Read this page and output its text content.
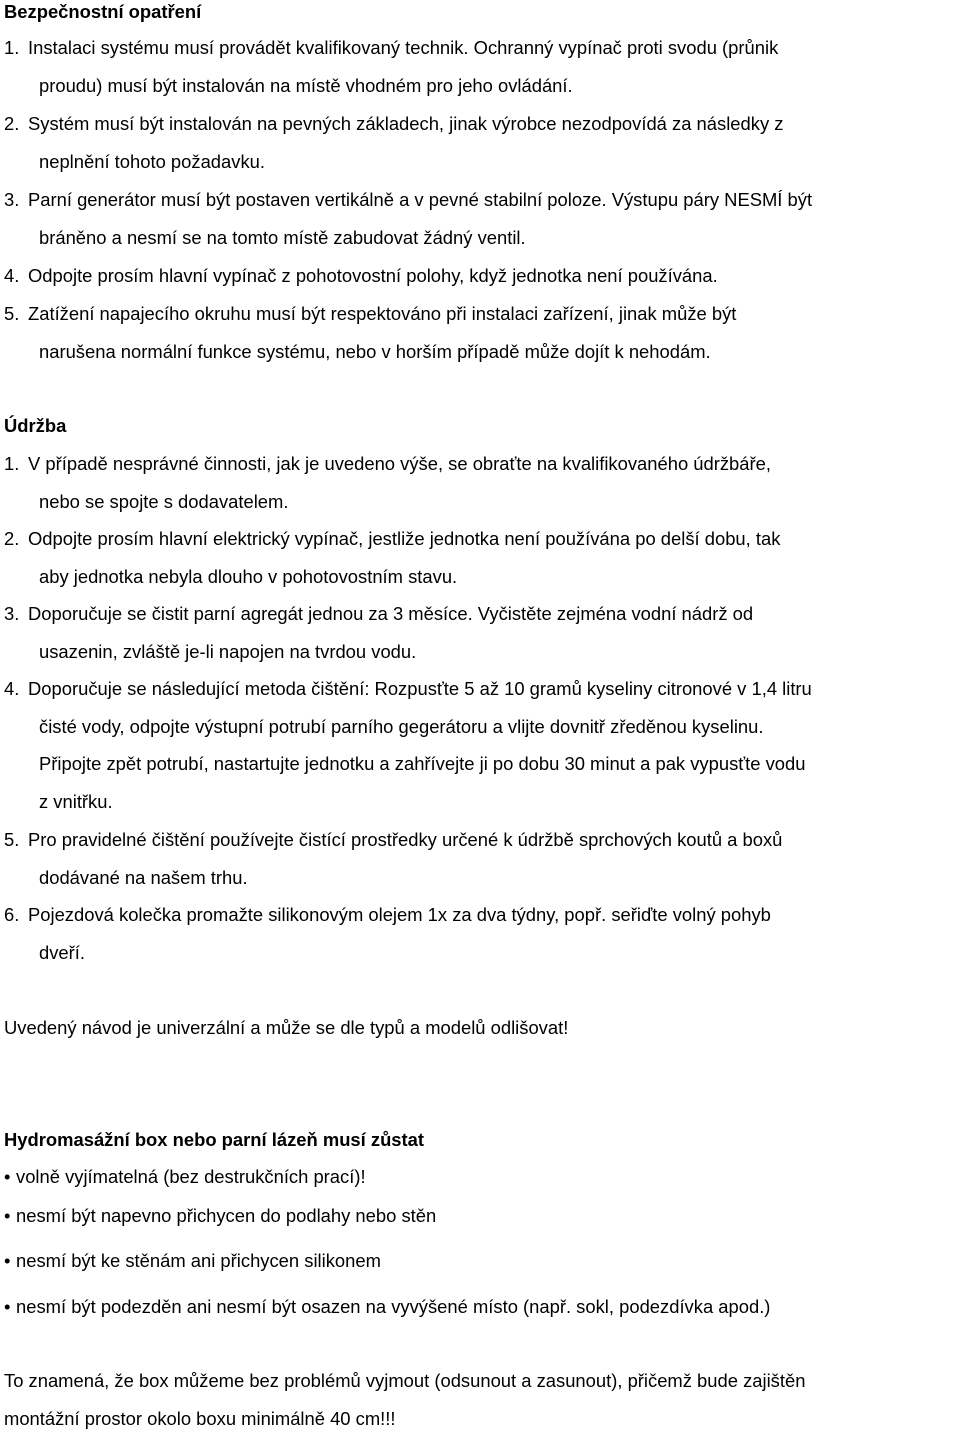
Bezpečnostní opatření
1. Instalaci systému musí provádět kvalifikovaný technik. Ochranný vypínač proti svodu (průnik
proudu) musí být instalován na místě vhodném pro jeho ovládání.
2. Systém musí být instalován na pevných základech, jinak výrobce nezodpovídá za následky z
neplnění tohoto požadavku.
3. Parní generátor musí být postaven vertikálně a v pevné stabilní poloze. Výstupu páry NESMÍ být
bráněno a nesmí se na tomto místě zabudovat žádný ventil.
4. Odpojte prosím hlavní vypínač z pohotovostní polohy, když jednotka není používána.
5. Zatížení napajecího okruhu musí být respektováno při instalaci zařízení, jinak může být
narušena normální funkce systému, nebo v horším případě může dojít k nehodám.
Údržba
1. V případě nesprávné činnosti, jak je uvedeno výše, se obraťte na kvalifikovaného údržbáře,
nebo se spojte s dodavatelem.
2. Odpojte prosím hlavní elektrický vypínač, jestliže jednotka není používána po delší dobu, tak
aby jednotka nebyla dlouho v pohotovostním stavu.
3. Doporučuje se čistit parní agregát jednou za 3 měsíce. Vyčistěte zejména vodní nádrž od
usazenin, zvláště je-li napojen na tvrdou vodu.
4. Doporučuje se následující metoda čištění: Rozpusťte 5 až 10 gramů kyseliny citronové v 1,4 litru
čisté vody, odpojte výstupní potrubí parního gegerátoru a vlijte dovnitř zředěnou kyselinu.
Připojte zpět potrubí, nastartujte jednotku a zahřívejte ji po dobu 30 minut a pak vypusťte vodu
z vnitřku.
5. Pro pravidelné čištění používejte čistící prostředky určené k údržbě sprchových koutů a boxů
dodávané na našem trhu.
6. Pojezdová kolečka promažte silikonovým olejem 1x za dva týdny, popř. seřiďte volný pohyb
dveří.
Uvedený návod je univerzální a může se dle typů a modelů odlišovat!
Hydromasážní box nebo parní lázeň musí zůstat
• volně vyjímatelná (bez destrukčních prací)!
• nesmí být napevno přichycen do podlahy nebo stěn
• nesmí být ke stěnám ani přichycen silikonem
• nesmí být podezděn ani nesmí být osazen na vyvýšené místo (např. sokl, podezdívka apod.)
To znamená, že box můžeme bez problémů vyjmout (odsunout a zasunout), přičemž bude zajištěn
montážní prostor okolo boxu minimálně 40 cm!!!
